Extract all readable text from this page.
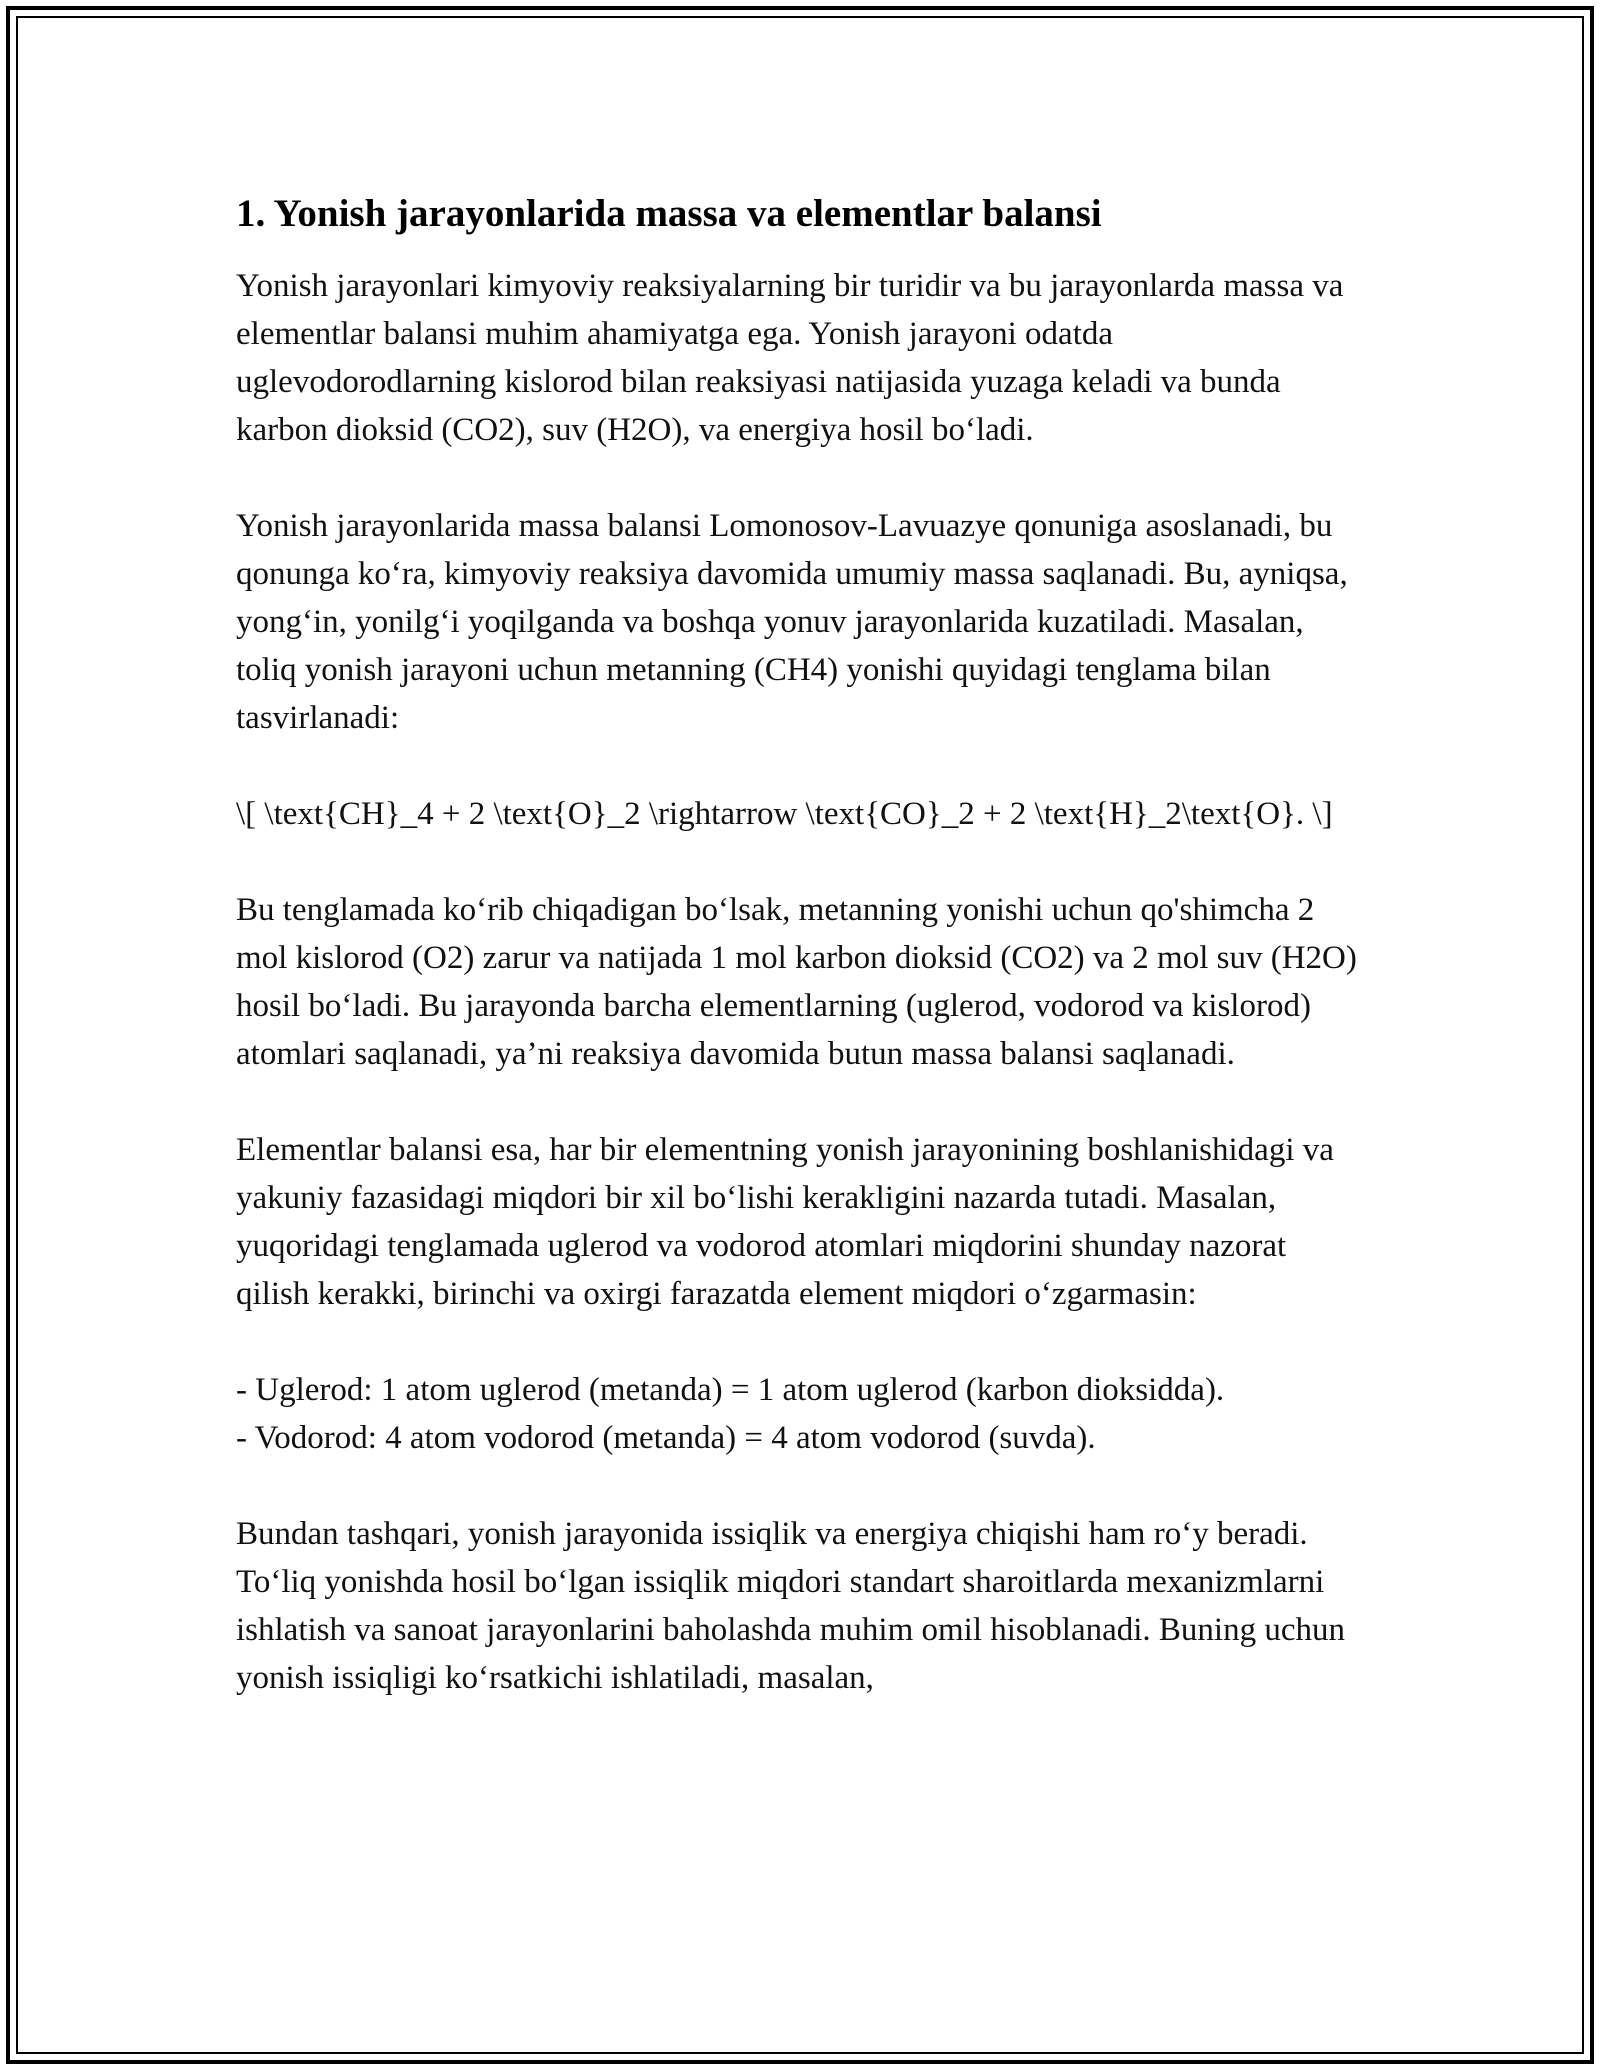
1. Yonish jarayonlarida massa va elementlar balansi

Yonish jarayonlari kimyoviy reaksiyalarning bir turidir va bu jarayonlarda massa va elementlar balansi muhim ahamiyatga ega. Yonish jarayoni odatda uglevodorodlarning kislorod bilan reaksiyasi natijasida yuzaga keladi va bunda karbon dioksid (CO2), suv (H2O), va energiya hosil bo‘ladi.

Yonish jarayonlarida massa balansi Lomonosov-Lavuazye qonuniga asoslanadi, bu qonunga ko‘ra, kimyoviy reaksiya davomida umumiy massa saqlanadi. Bu, ayniqsa, yong‘in, yonilg‘i yoqilganda va boshqa yonuv jarayonlarida kuzatiladi. Masalan, toliq yonish jarayoni uchun metanning (CH4) yonishi quyidagi tenglama bilan tasvirlanadi:

\[ \text{CH}_4 + 2 \text{O}_2 \rightarrow \text{CO}_2 + 2 \text{H}_2\text{O}. \]

Bu tenglamada ko‘rib chiqadigan bo‘lsak, metanning yonishi uchun qo'shimcha 2 mol kislorod (O2) zarur va natijada 1 mol karbon dioksid (CO2) va 2 mol suv (H2O) hosil bo‘ladi. Bu jarayonda barcha elementlarning (uglerod, vodorod va kislorod) atomlari saqlanadi, ya’ni reaksiya davomida butun massa balansi saqlanadi.

Elementlar balansi esa, har bir elementning yonish jarayonining boshlanishidagi va yakuniy fazasidagi miqdori bir xil bo‘lishi kerakligini nazarda tutadi. Masalan, yuqoridagi tenglamada uglerod va vodorod atomlari miqdorini shunday nazorat qilish kerakki, birinchi va oxirgi farazatda element miqdori o‘zgarmasin:

- Uglerod: 1 atom uglerod (metanda) = 1 atom uglerod (karbon dioksidda).
- Vodorod: 4 atom vodorod (metanda) = 4 atom vodorod (suvda).

Bundan tashqari, yonish jarayonida issiqlik va energiya chiqishi ham ro‘y beradi. To‘liq yonishda hosil bo‘lgan issiqlik miqdori standart sharoitlarda mexanizmlarni ishlatish va sanoat jarayonlarini baholashda muhim omil hisoblanadi. Buning uchun yonish issiqligi ko‘rsatkichi ishlatiladi, masalan,
